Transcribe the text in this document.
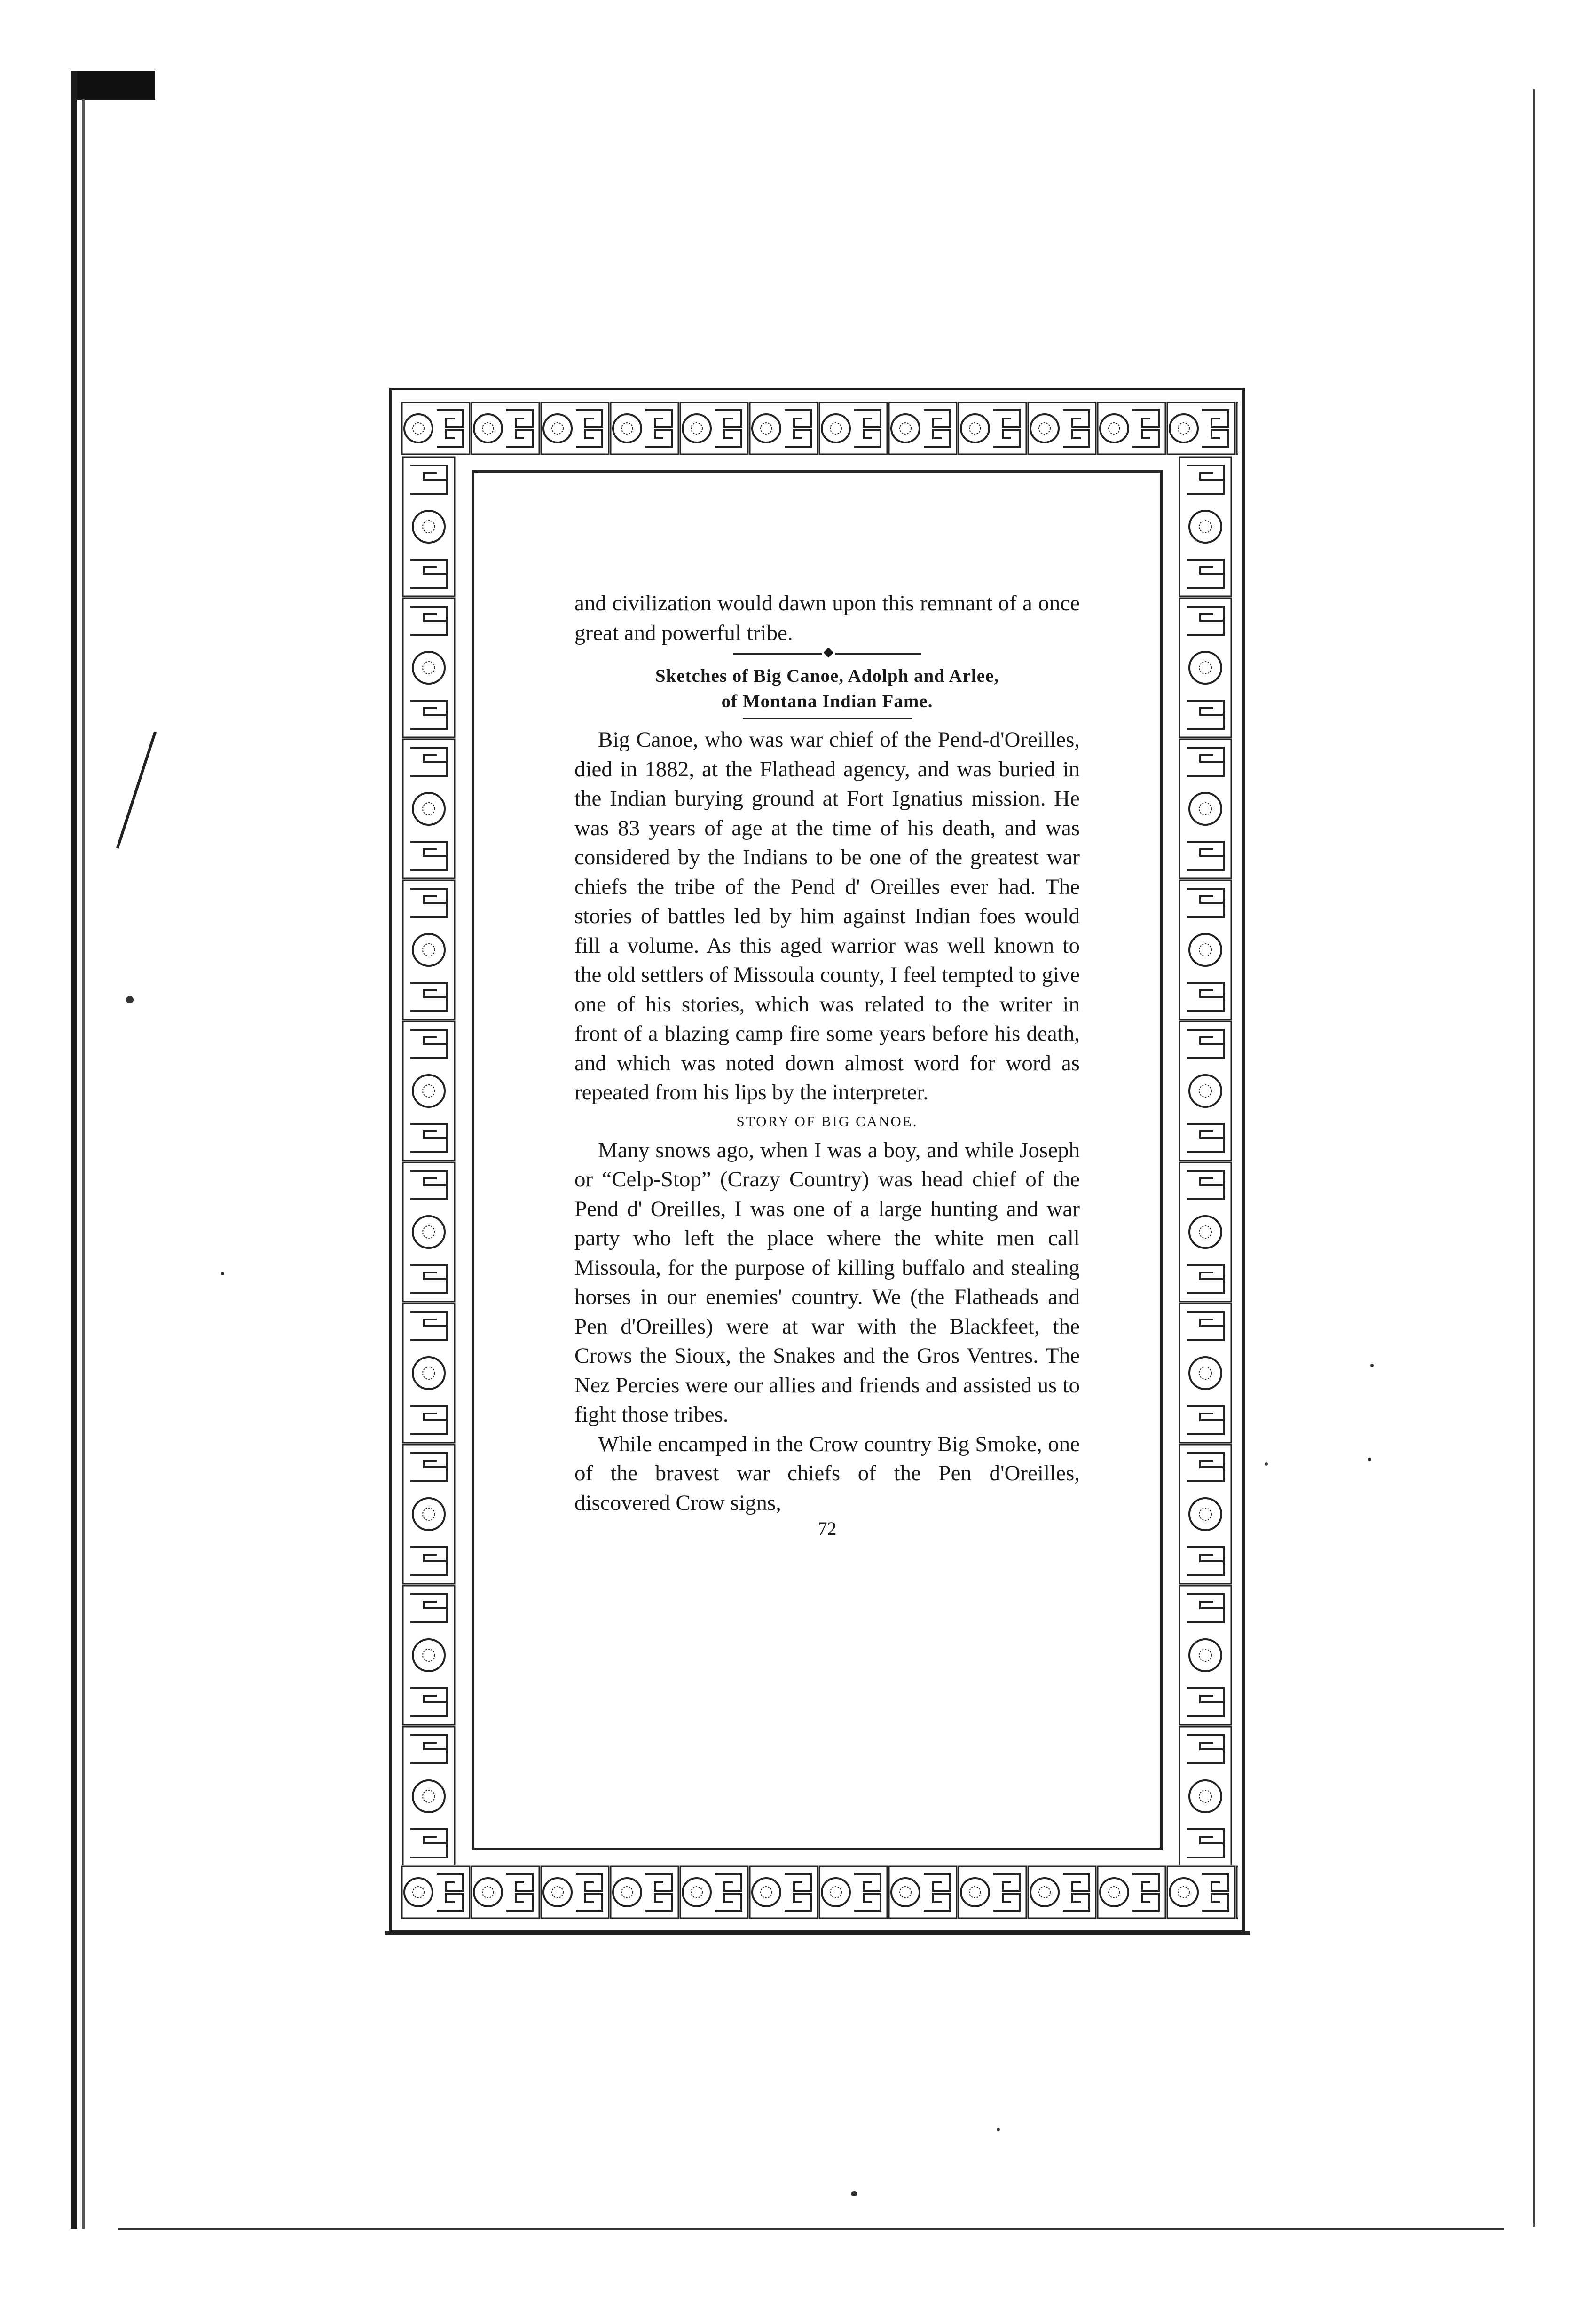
and civilization would dawn upon this remnant of a once great and powerful tribe.

◆

Sketches of Big Canoe, Adolph and Arlee,

of Montana Indian Fame.

Big Canoe, who was war chief of the Pend-d'Oreilles, died in 1882, at the Flathead agency, and was buried in the Indian burying ground at Fort Ignatius mission. He was 83 years of age at the time of his death, and was considered by the Indians to be one of the greatest war chiefs the tribe of the Pend d' Oreilles ever had. The stories of battles led by him against Indian foes would fill a volume. As this aged warrior was well known to the old settlers of Missoula county, I feel tempted to give one of his stories, which was related to the writer in front of a blazing camp fire some years before his death, and which was noted down almost word for word as repeated from his lips by the interpreter.

STORY OF BIG CANOE.

Many snows ago, when I was a boy, and while Joseph or “Celp-Stop” (Crazy Country) was head chief of the Pend d' Oreilles, I was one of a large hunting and war party who left the place where the white men call Missoula, for the purpose of killing buffalo and stealing horses in our enemies' country. We (the Flatheads and Pen d'Oreilles) were at war with the Blackfeet, the Crows the Sioux, the Snakes and the Gros Ventres. The Nez Percies were our allies and friends and assisted us to fight those tribes.

While encamped in the Crow country Big Smoke, one of the bravest war chiefs of the Pen d'Oreilles, discovered Crow signs,

72
